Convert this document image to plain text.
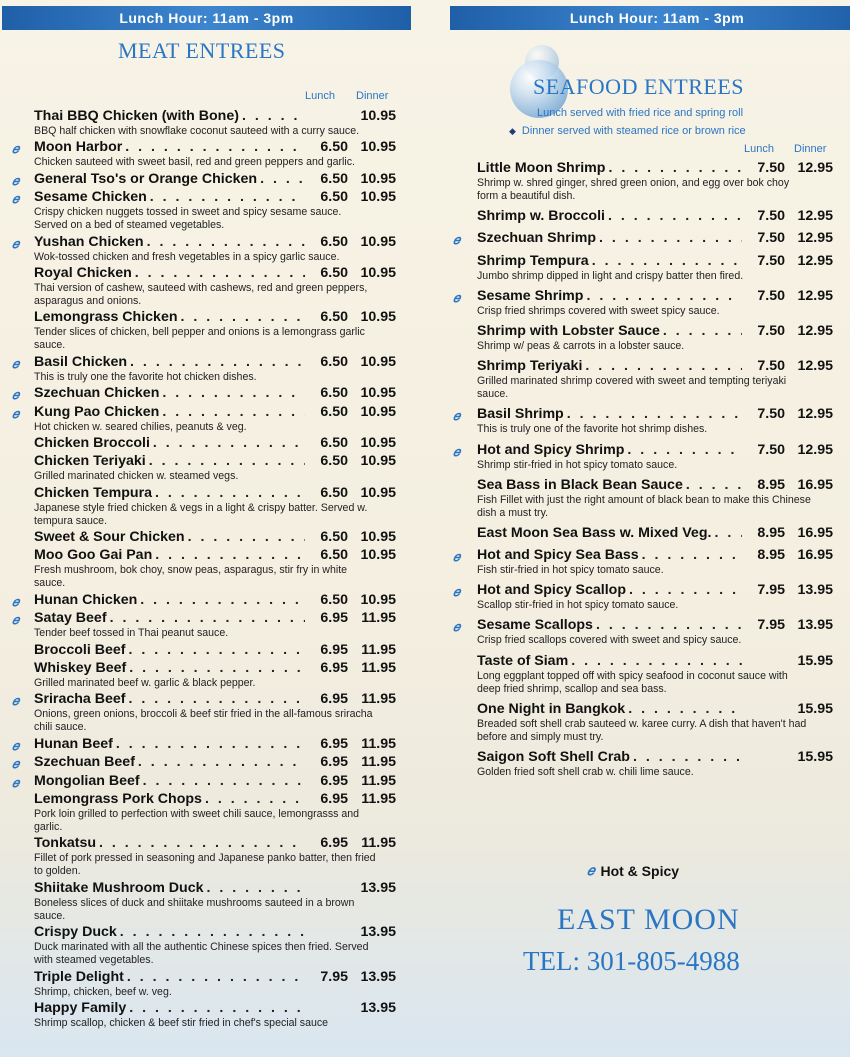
Lunch Hour: 11am - 3pm
MEAT ENTREES
Lunch Dinner
Thai BBQ Chicken (with Bone) . . .	10.95
BBQ half chicken with snowflake coconut sauteed with a curry sauce.
𝑒 Moon Harbor . . .	6.50 10.95
Chicken sauteed with sweet basil, red and green peppers and garlic.
𝑒 General Tso's or Orange Chicken . . .	6.50 10.95
𝑒 Sesame Chicken . . .	6.50 10.95
Crispy chicken nuggets tossed in sweet and spicy sesame sauce. Served on a bed of steamed vegetables.
𝑒 Yushan Chicken . . .	6.50 10.95
Wok-tossed chicken and fresh vegetables in a spicy garlic sauce.
Royal Chicken . . .	6.50 10.95
Thai version of cashew, sauteed with cashews, red and green peppers, asparagus and onions.
Lemongrass Chicken . . .	6.50 10.95
Tender slices of chicken, bell pepper and onions is a lemongrass garlic sauce.
𝑒 Basil Chicken . . .	6.50 10.95
This is truly one the favorite hot chicken dishes.
𝑒 Szechuan Chicken . . .	6.50 10.95
𝑒 Kung Pao Chicken . . .	6.50 10.95
Hot chicken w. seared chilies, peanuts & veg.
Chicken Broccoli . . .	6.50 10.95
Chicken Teriyaki . . .	6.50 10.95
Grilled marinated chicken w. steamed vegs.
Chicken Tempura . . .	6.50 10.95
Japanese style fried chicken & vegs in a light & crispy batter. Served w. tempura sauce.
Sweet & Sour Chicken . . .	6.50 10.95
Moo Goo Gai Pan . . .	6.50 10.95
Fresh mushroom, bok choy, snow peas, asparagus, stir fry in white sauce.
𝑒 Hunan Chicken . . .	6.50 10.95
𝑒 Satay Beef . . .	6.95 11.95
Tender beef tossed in Thai peanut sauce.
Broccoli Beef . . .	6.95 11.95
Whiskey Beef . . .	6.95 11.95
Grilled marinated beef w. garlic & black pepper.
𝑒 Sriracha Beef . . .	6.95 11.95
Onions, green onions, broccoli & beef stir fried in the all-famous sriracha chili sauce.
𝑒 Hunan Beef . . .	6.95 11.95
𝑒 Szechuan Beef . . .	6.95 11.95
𝑒 Mongolian Beef . . .	6.95 11.95
Lemongrass Pork Chops . . .	6.95 11.95
Pork loin grilled to perfection with sweet chili sauce, lemongrasss and garlic.
Tonkatsu . . .	6.95 11.95
Fillet of pork pressed in seasoning and Japanese panko batter, then fried to golden.
Shiitake Mushroom Duck . . .	13.95
Boneless slices of duck and shiitake mushrooms sauteed in a brown sauce.
Crispy Duck . . .	13.95
Duck marinated with all the authentic Chinese spices then fried. Served with steamed vegetables.
Triple Delight . . .	7.95 13.95
Shrimp, chicken, beef w. veg.
Happy Family . . .	13.95
Shrimp scallop, chicken & beef stir fried in chef's special sauce
Lunch Hour: 11am - 3pm
SEAFOOD ENTREES
Lunch served with fried rice and spring roll
◆ Dinner served with steamed rice or brown rice
Lunch Dinner
Little Moon Shrimp . . .	7.50 12.95
Shrimp w. shred ginger, shred green onion, and egg over bok choy form a beautiful dish.
Shrimp w. Broccoli . . .	7.50 12.95
𝑒 Szechuan Shrimp . . .	7.50 12.95
Shrimp Tempura . . .	7.50 12.95
Jumbo shrimp dipped in light and crispy batter then fired.
𝑒 Sesame Shrimp . . .	7.50 12.95
Crisp fried shrimps covered with sweet spicy sauce.
Shrimp with Lobster Sauce . . .	7.50 12.95
Shrimp w/ peas & carrots in a lobster sauce.
Shrimp Teriyaki . . .	7.50 12.95
Grilled marinated shrimp covered with sweet and tempting teriyaki sauce.
𝑒 Basil Shrimp . . .	7.50 12.95
This is truly one of the favorite hot shrimp dishes.
𝑒 Hot and Spicy Shrimp . . .	7.50 12.95
Shrimp stir-fried in hot spicy tomato sauce.
Sea Bass in Black Bean Sauce . . .	8.95 16.95
Fish Fillet with just the right amount of black bean to make this Chinese dish a must try.
East Moon Sea Bass w. Mixed Veg. . . .	8.95 16.95
𝑒 Hot and Spicy Sea Bass . . .	8.95 16.95
Fish stir-fried in hot spicy tomato sauce.
𝑒 Hot and Spicy Scallop . . .	7.95 13.95
Scallop stir-fried in hot spicy tomato sauce.
𝑒 Sesame Scallops . . .	7.95 13.95
Crisp fried scallops covered with sweet and spicy sauce.
Taste of Siam . . .	15.95
Long eggplant topped off with spicy seafood in coconut sauce with deep fried shrimp, scallop and sea bass.
One Night in Bangkok . . .	15.95
Breaded soft shell crab sauteed w. karee curry. A dish that haven't had before and simply must try.
Saigon Soft Shell Crab . . .	15.95
Golden fried soft shell crab w. chili lime sauce.
𝑒 Hot & Spicy
EAST MOON
TEL: 301-805-4988
